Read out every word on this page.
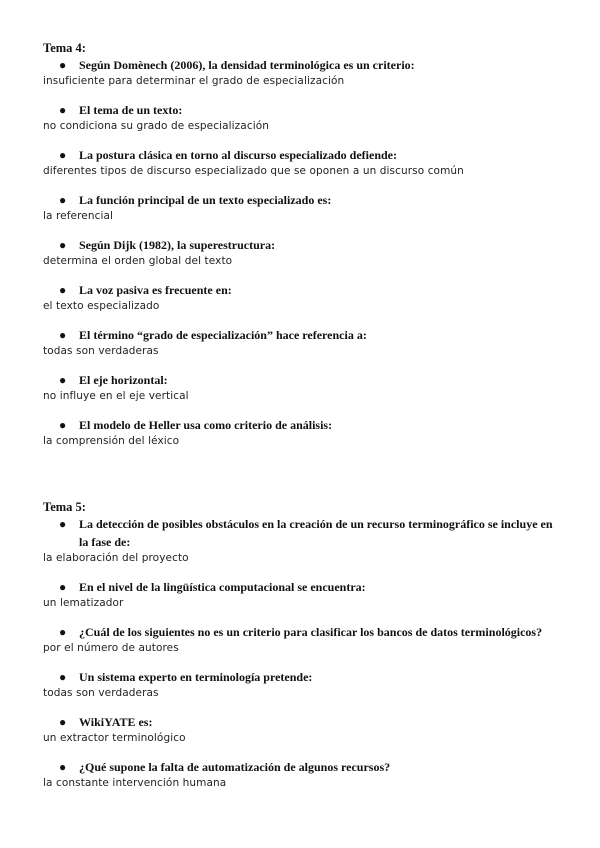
Tema 4:

● Según Domènech (2006), la densidad terminológica es un criterio:
insuficiente para determinar el grado de especialización
● El tema de un texto:
no condiciona su grado de especialización
● La postura clásica en torno al discurso especializado defiende:
diferentes tipos de discurso especializado que se oponen a un discurso común
● La función principal de un texto especializado es:
la referencial
● Según Dijk (1982), la superestructura:
determina el orden global del texto
● La voz pasiva es frecuente en:
el texto especializado
● El término “grado de especialización” hace referencia a:
todas son verdaderas
● El eje horizontal:
no influye en el eje vertical
● El modelo de Heller usa como criterio de análisis:
la comprensión del léxico

Tema 5:

● La detección de posibles obstáculos en la creación de un recurso terminográfico se incluye en la fase de:
la elaboración del proyecto
● En el nivel de la lingüística computacional se encuentra:
un lematizador
● ¿Cuál de los siguientes no es un criterio para clasificar los bancos de datos terminológicos?
por el número de autores
● Un sistema experto en terminología pretende:
todas son verdaderas
● WikiYATE es:
un extractor terminológico
● ¿Qué supone la falta de automatización de algunos recursos?
la constante intervención humana
